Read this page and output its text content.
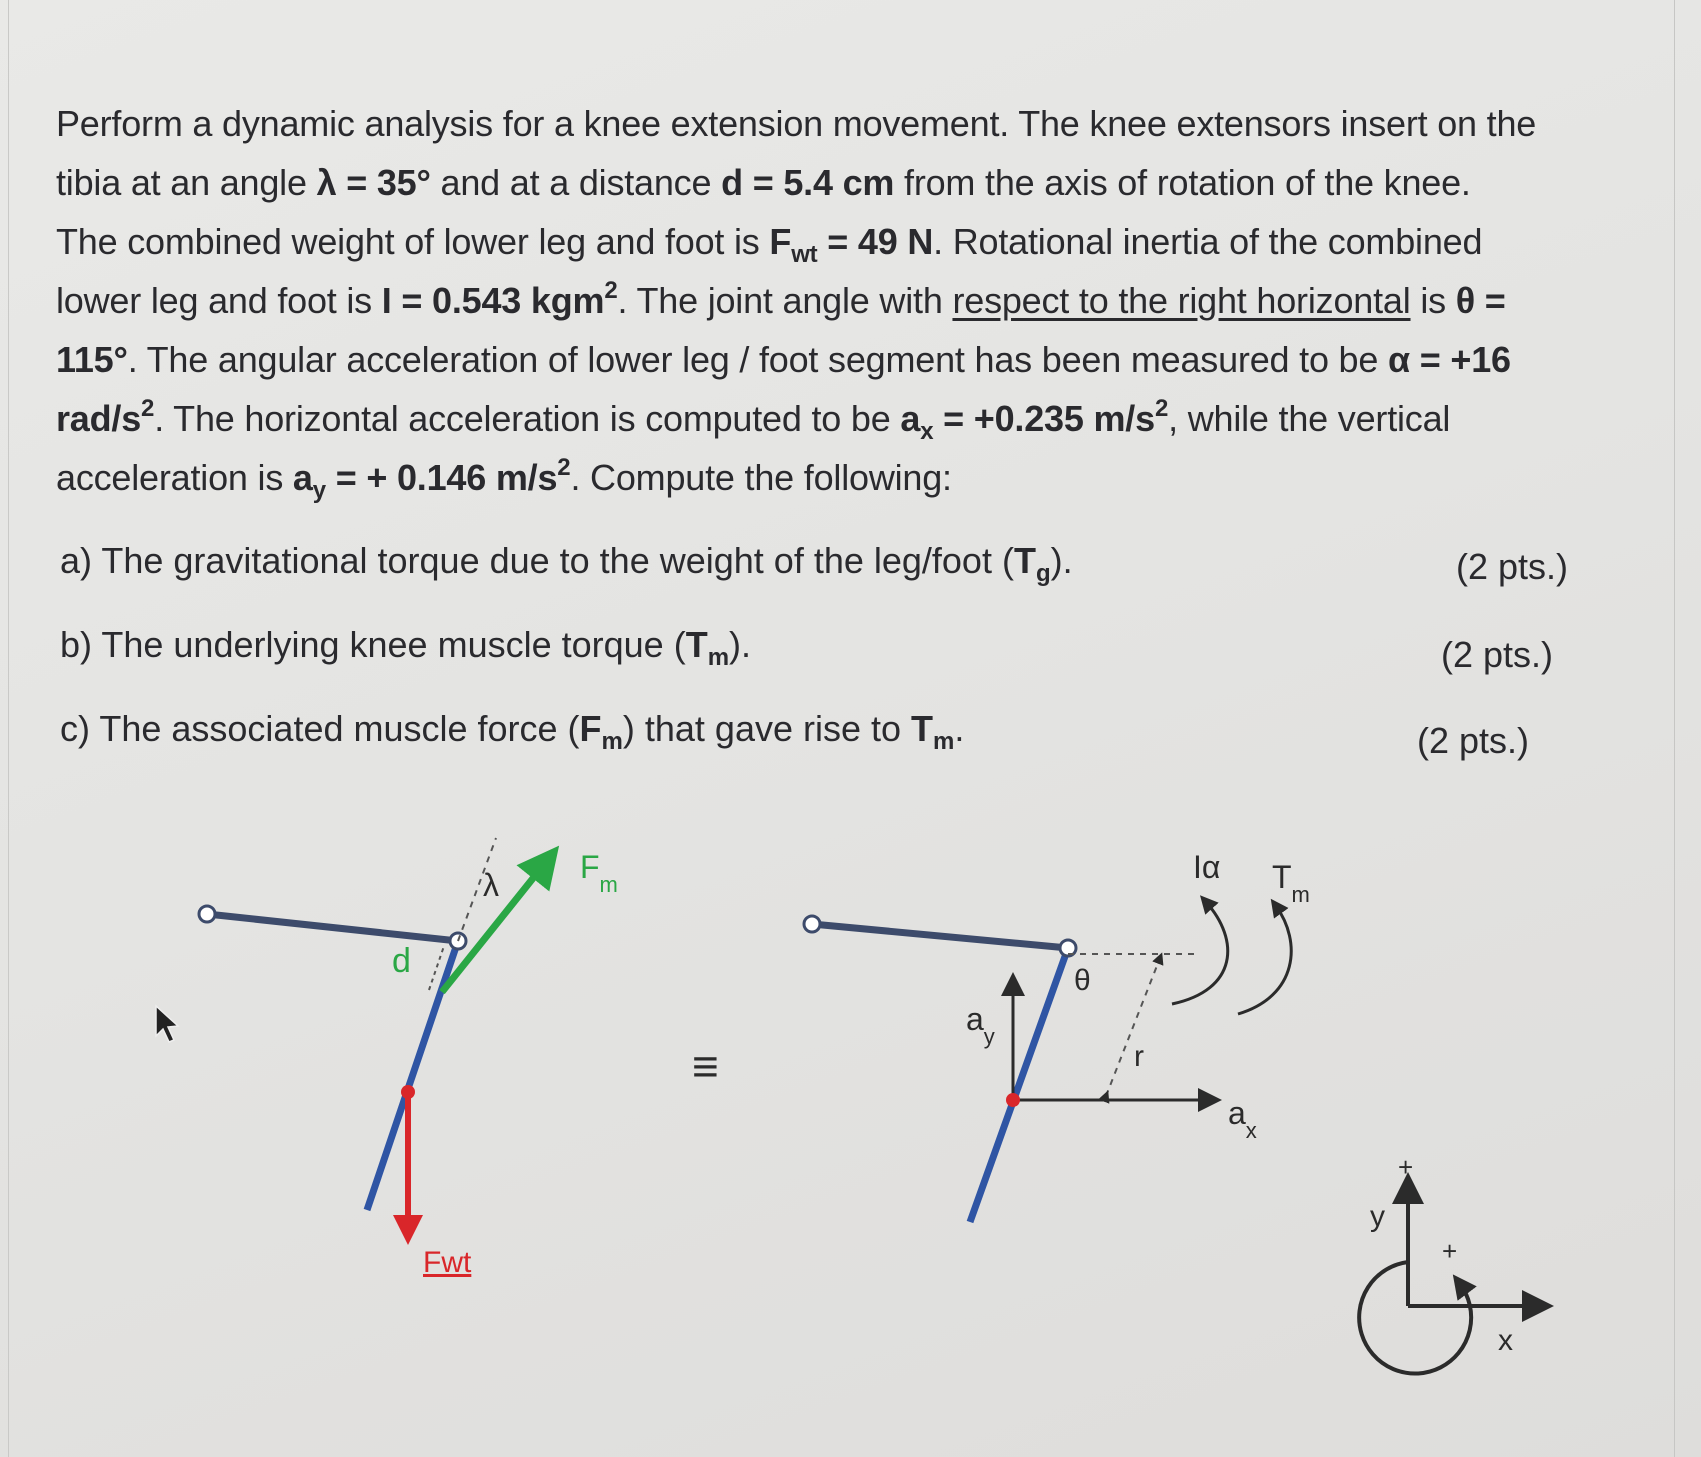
Perform a dynamic analysis for a knee extension movement. The knee extensors insert on the
tibia at an angle λ = 35° and at a distance d = 5.4 cm from the axis of rotation of the knee.
The combined weight of lower leg and foot is $F_{wt} = 49$ N. Rotational inertia of the combined
lower leg and foot is I = 0.543 kgm$^2$. The joint angle with respect to the right horizontal is θ =
115°. The angular acceleration of lower leg / foot segment has been measured to be α = +16
rad/$s^2$. The horizontal acceleration is computed to be $a_x = +0.235$ $m/s^2$, while the vertical
acceleration is $a_y$ = + 0.146 $m/s^2$. Compute the following:
a) The gravitational torque due to the weight of the leg/foot $(T_g)$.	(2 pts.)
b) The underlying knee muscle torque $(T_m)$.	(2 pts.)
c) The associated muscle force $(F_m)$ that gave rise to $T_m$.	(2 pts.)
λ	$F_m$
d
Fwt
≡
Iα $T_m$
θ
$a_y$
r
$a_x$
+
y
+
x
